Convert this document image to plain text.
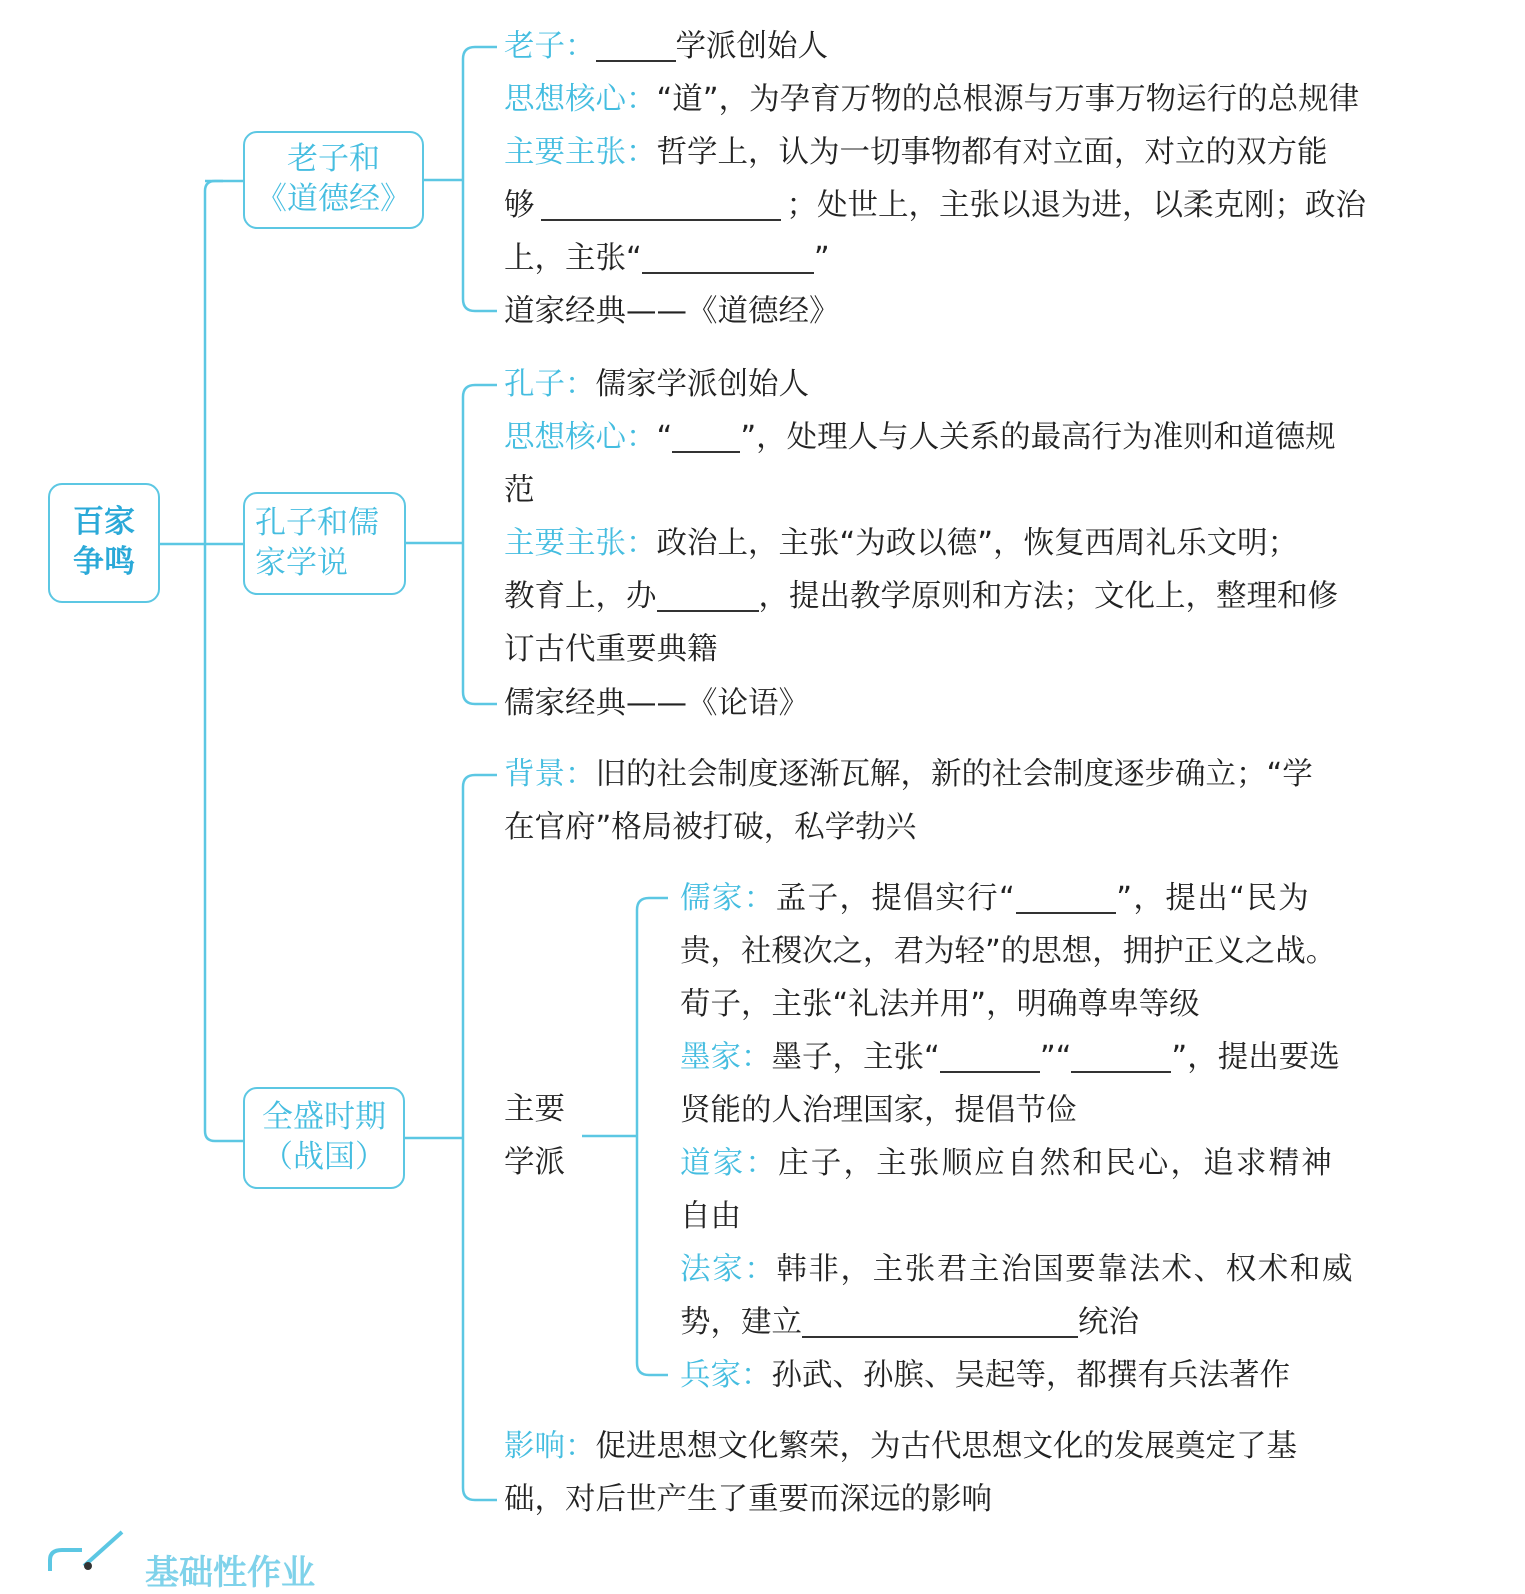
百家
争鸣
老子和
《道德经》
孔子和儒
家学说
全盛时期
（战国）
老子：	学派创始人
思想核心：“道”，为孕育万物的总根源与万事万物运行的总规律
主要主张：哲学上，认为一切事物都有对立面，对立的双方能
够	；处世上，主张以退为进，以柔克刚；政治
上，主张“	”
道家经典——《道德经》
孔子：儒家学派创始人
思想核心：“ ”，处理人与人关系的最高行为准则和道德规
范
主要主张：政治上，主张“为政以德”，恢复西周礼乐文明；
教育上，办	，提出教学原则和方法；文化上，整理和修
订古代重要典籍
儒家经典——《论语》
背景：旧的社会制度逐渐瓦解，新的社会制度逐步确立；“学
在官府”格局被打破，私学勃兴
主要
学派
儒家：孟子，提倡实行“	”，提出“民为
贵，社稷次之，君为轻”的思想，拥护正义之战。
荀子，主张“礼法并用”，明确尊卑等级
墨家：墨子，主张“	”“	”，提出要选
贤能的人治理国家，提倡节俭
道家：庄子，主张顺应自然和民心，追求精神
自由
法家：韩非，主张君主治国要靠法术、权术和威
势，建立	统治
兵家：孙武、孙膑、吴起等，都撰有兵法著作
影响：促进思想文化繁荣，为古代思想文化的发展奠定了基
础，对后世产生了重要而深远的影响
基础性作业
